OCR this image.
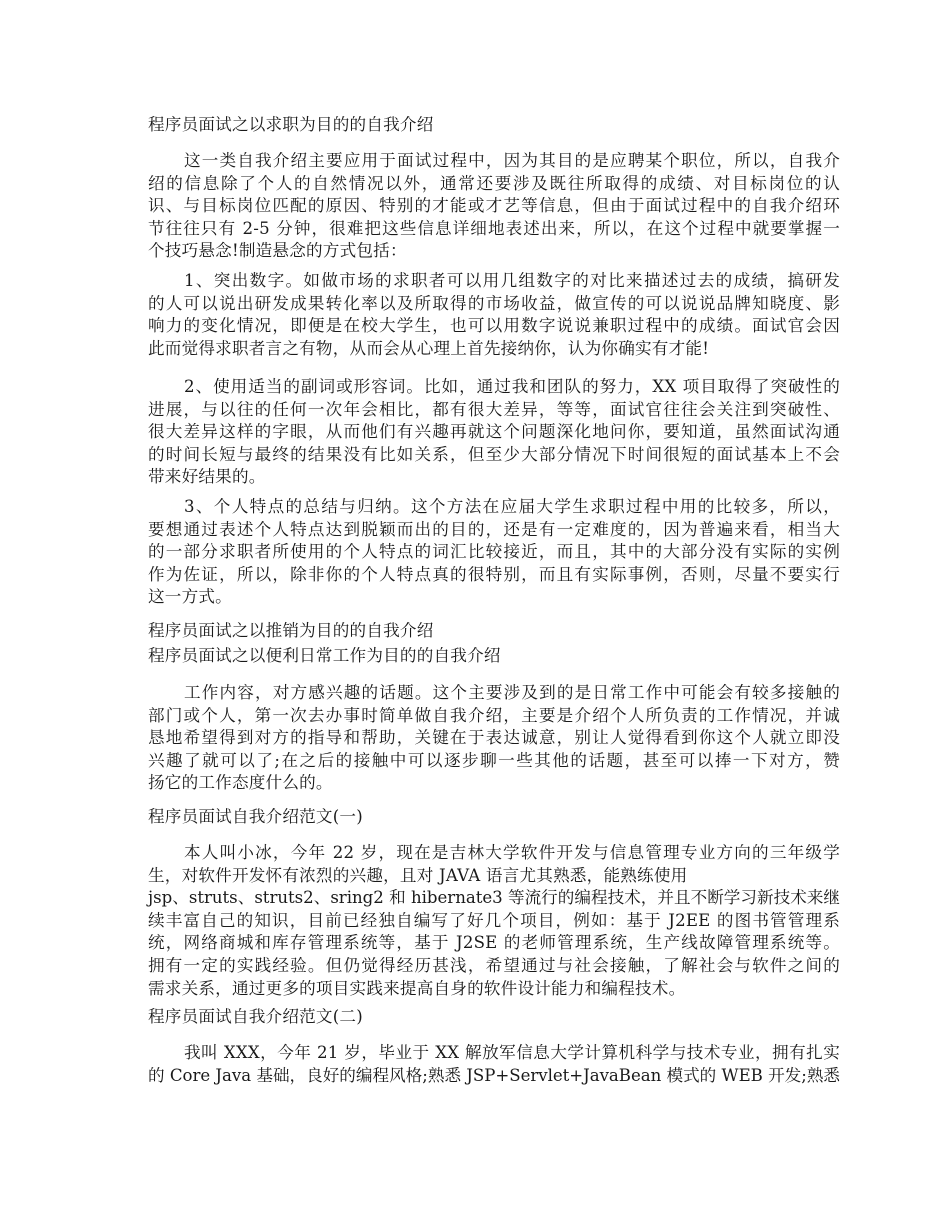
程序员面试之以求职为目的的自我介绍
这一类自我介绍主要应用于面试过程中，因为其目的是应聘某个职位，所以，自我介
绍的信息除了个人的自然情况以外，通常还要涉及既往所取得的成绩、对目标岗位的认
识、与目标岗位匹配的原因、特别的才能或才艺等信息，但由于面试过程中的自我介绍环
节往往只有 2-5 分钟，很难把这些信息详细地表述出来，所以，在这个过程中就要掌握一
个技巧悬念!制造悬念的方式包括：
1、突出数字。如做市场的求职者可以用几组数字的对比来描述过去的成绩，搞研发
的人可以说出研发成果转化率以及所取得的市场收益，做宣传的可以说说品牌知晓度、影
响力的变化情况，即便是在校大学生，也可以用数字说说兼职过程中的成绩。面试官会因
此而觉得求职者言之有物，从而会从心理上首先接纳你，认为你确实有才能!
2、使用适当的副词或形容词。比如，通过我和团队的努力，XX 项目取得了突破性的
进展，与以往的任何一次年会相比，都有很大差异，等等，面试官往往会关注到突破性、
很大差异这样的字眼，从而他们有兴趣再就这个问题深化地问你，要知道，虽然面试沟通
的时间长短与最终的结果没有比如关系，但至少大部分情况下时间很短的面试基本上不会
带来好结果的。
3、个人特点的总结与归纳。这个方法在应届大学生求职过程中用的比较多，所以，
要想通过表述个人特点达到脱颖而出的目的，还是有一定难度的，因为普遍来看，相当大
的一部分求职者所使用的个人特点的词汇比较接近，而且，其中的大部分没有实际的实例
作为佐证，所以，除非你的个人特点真的很特别，而且有实际事例，否则，尽量不要实行
这一方式。
程序员面试之以推销为目的的自我介绍
程序员面试之以便利日常工作为目的的自我介绍
工作内容，对方感兴趣的话题。这个主要涉及到的是日常工作中可能会有较多接触的
部门或个人，第一次去办事时简单做自我介绍，主要是介绍个人所负责的工作情况，并诚
恳地希望得到对方的指导和帮助，关键在于表达诚意，别让人觉得看到你这个人就立即没
兴趣了就可以了;在之后的接触中可以逐步聊一些其他的话题，甚至可以捧一下对方，赞
扬它的工作态度什么的。
程序员面试自我介绍范文(一)
本人叫小冰，今年 22 岁，现在是吉林大学软件开发与信息管理专业方向的三年级学
生，对软件开发怀有浓烈的兴趣，且对 JAVA 语言尤其熟悉，能熟练使用
jsp、struts、struts2、sring2 和 hibernate3 等流行的编程技术，并且不断学习新技术来继
续丰富自己的知识，目前已经独自编写了好几个项目，例如：基于 J2EE 的图书管管理系
统，网络商城和库存管理系统等，基于 J2SE 的老师管理系统，生产线故障管理系统等。
拥有一定的实践经验。但仍觉得经历甚浅，希望通过与社会接触，了解社会与软件之间的
需求关系，通过更多的项目实践来提高自身的软件设计能力和编程技术。
程序员面试自我介绍范文(二)
我叫 XXX，今年 21 岁，毕业于 XX 解放军信息大学计算机科学与技术专业，拥有扎实
的 Core Java 基础，良好的编程风格;熟悉 JSP+Servlet+JavaBean 模式的 WEB 开发;熟悉
